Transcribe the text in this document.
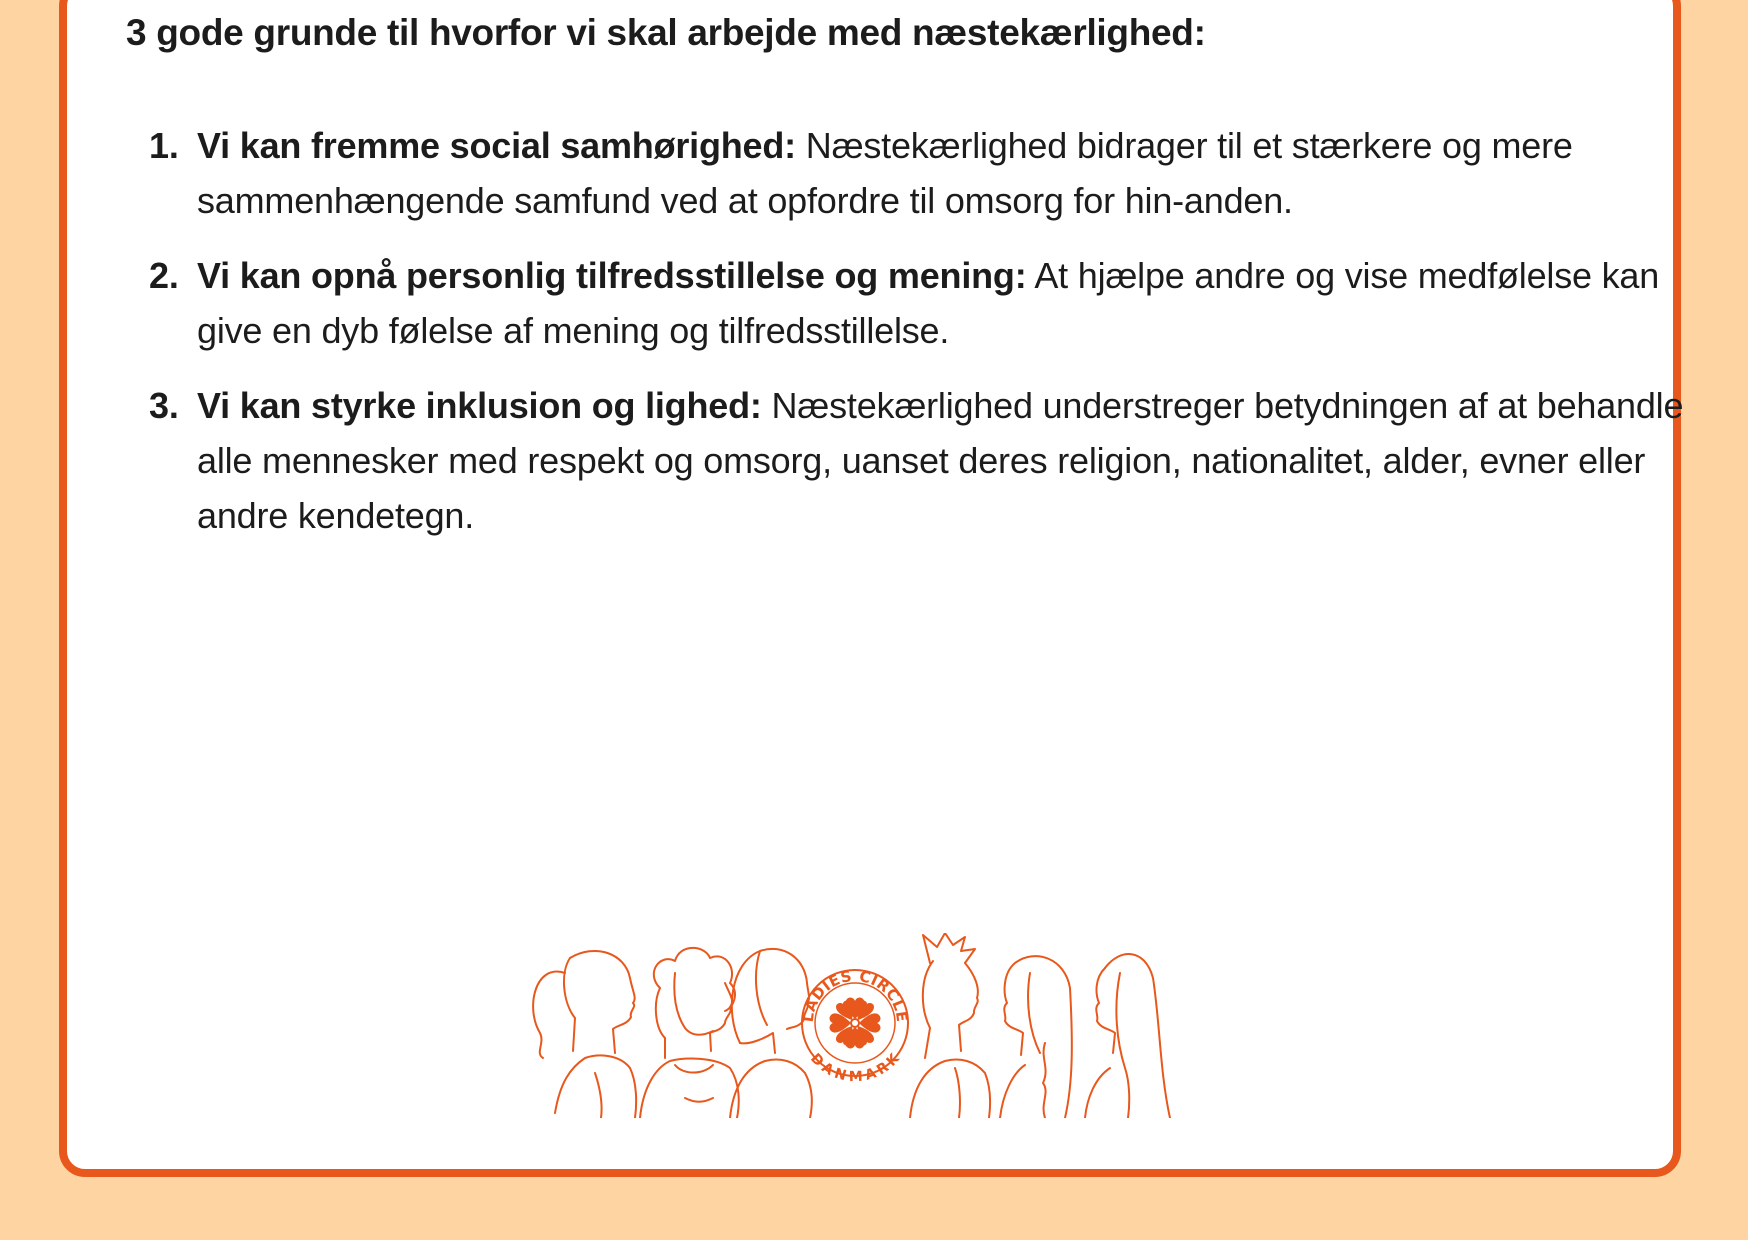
3 gode grunde til hvorfor vi skal arbejde med næstekærlighed:
1. Vi kan fremme social samhørighed: Næstekærlighed bidrager til et stærkere og mere sammenhængende samfund ved at opfordre til omsorg for hin-anden.
2. Vi kan opnå personlig tilfredsstillelse og mening: At hjælpe andre og vise medfølelse kan give en dyb følelse af mening og tilfredsstillelse.
3. Vi kan styrke inklusion og lighed: Næstekærlighed understreger betydningen af at behandle alle mennesker med respekt og omsorg, uanset deres religion, nationalitet, alder, evner eller andre kendetegn.
LADIES CIRCLE
DANMARK
